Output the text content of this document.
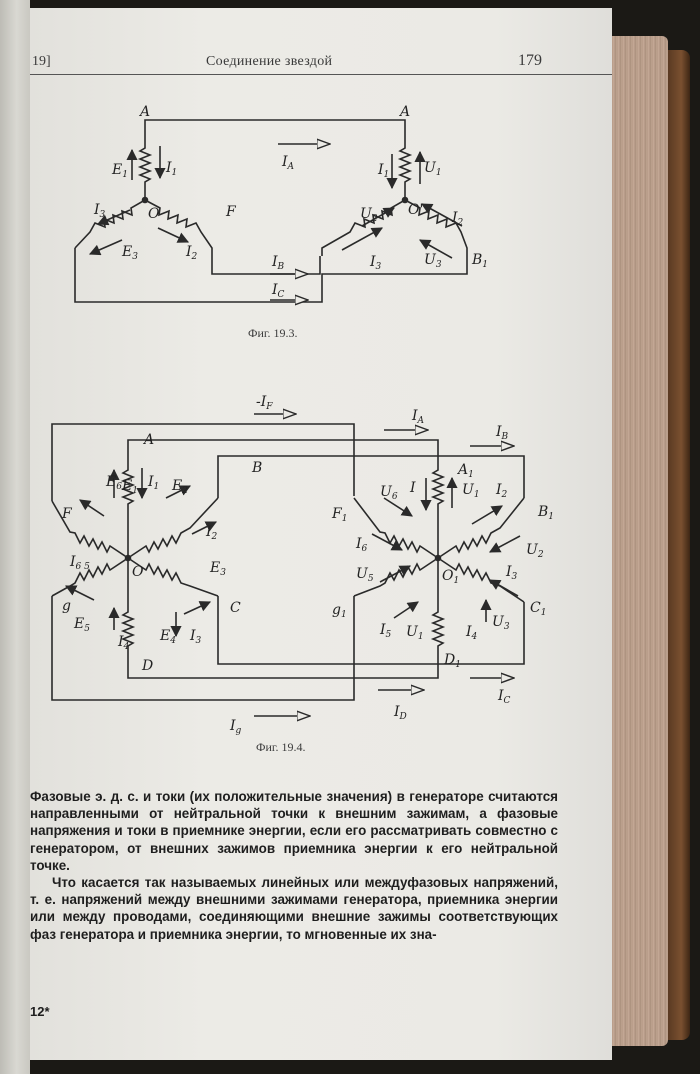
19]	Соединение звездой	179
A	A
$E_1$	$I_1$
$I_A$	$I_1$ $U_1$
$I_3$	O	F
$E_3$	$I_2$	$I_B$
$I_C$
O'
$U_2$	$I_2$
$I_3$	$U_3$ $B_1$
Фиг. 19.3.
$-I_F$
$I_A$
$I_B$
A
B
F
$E_6$ $E_1$
$I_1$ $E_2$
$I_2$
$E_3$
$I_{6 5}$	O
g	C
$E_5$
$I_4$
$E_4$ $I_3$
D
$A_1$
$B_1$
$F_1$
$U_6$
I	$U_1$ $I_2$
$I_6$	$U_2$
$U_5$	$O_1$
$I_3$
$g_1$	$C_1$
$I_5$ $U_1$	$I_4$
$U_3$
$D_1$
$I_C$
$I_D$
$I_g$
Фиг. 19.4.

Фазовые э. д. с. и токи (их положительные значения) в генераторе считаются направленными от нейтральной точки к внешним зажимам, а фазовые напряжения и токи в приемнике энергии, если его рассматривать совместно с генератором, от внешних зажимов приемника энергии к его нейтральной точке.

Что касается так называемых линейных или междуфазовых напряжений, т. е. напряжений между внешними зажимами генератора, приемника энергии или между проводами, соединяющими внешние зажимы соответствующих фаз генератора и приемника энергии, то мгновенные их зна-

12*
